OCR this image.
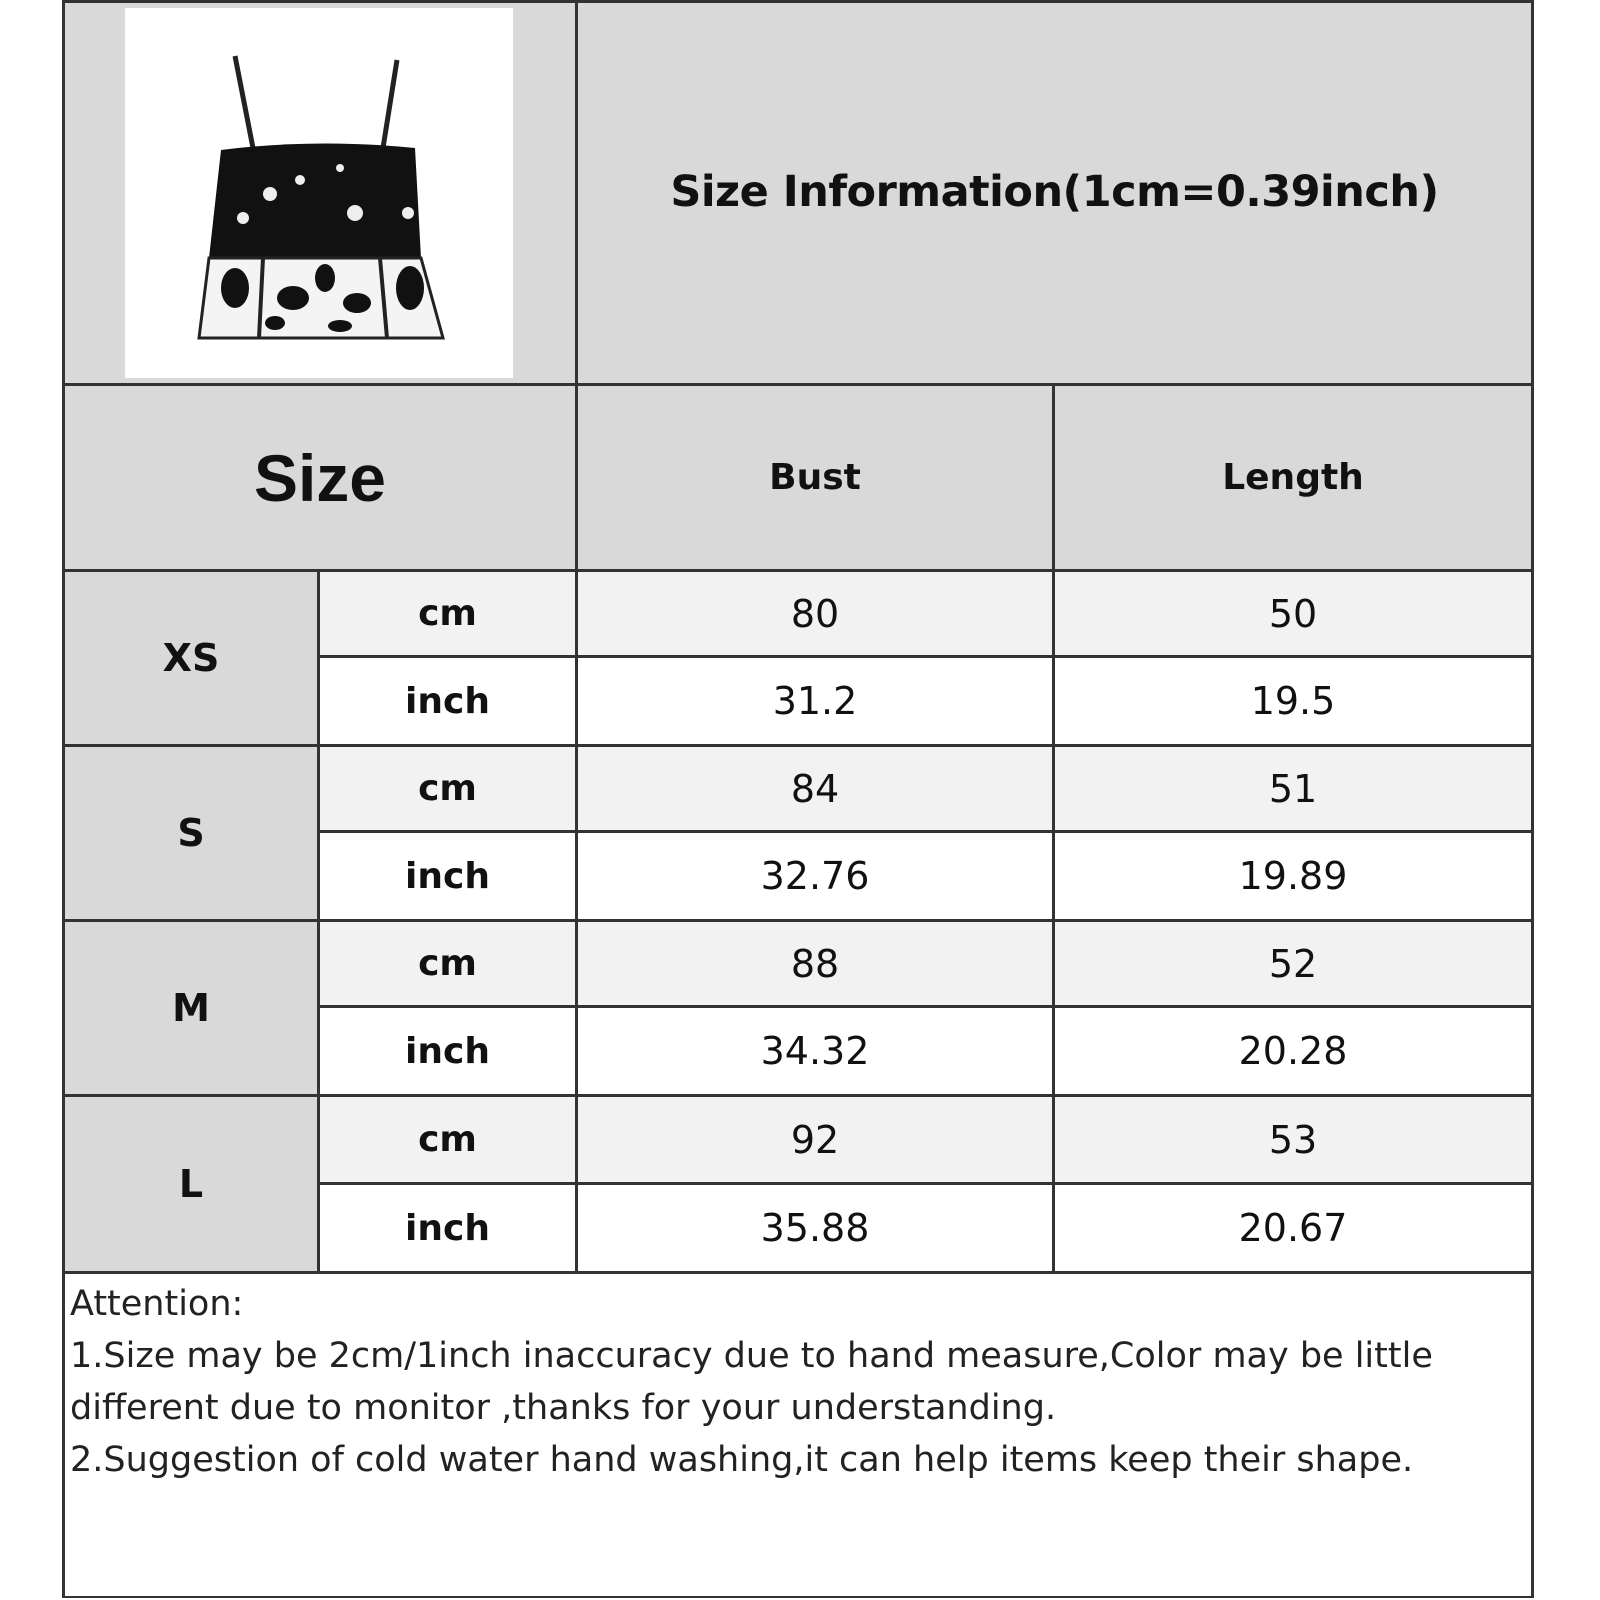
Size Information(1cm=0.39inch)
Size	Bust	Length
XS
cm	80	50
inch	31.2	19.5
S
cm	84	51
inch	32.76	19.89
M
cm	88	52
inch	34.32	20.28
L
cm	92	53
inch	35.88	20.67
Attention:
1.Size may be 2cm/1inch inaccuracy due to hand measure,Color may be little different due to monitor ,thanks for your understanding.
2.Suggestion of cold water hand washing,it can help items keep their shape.
